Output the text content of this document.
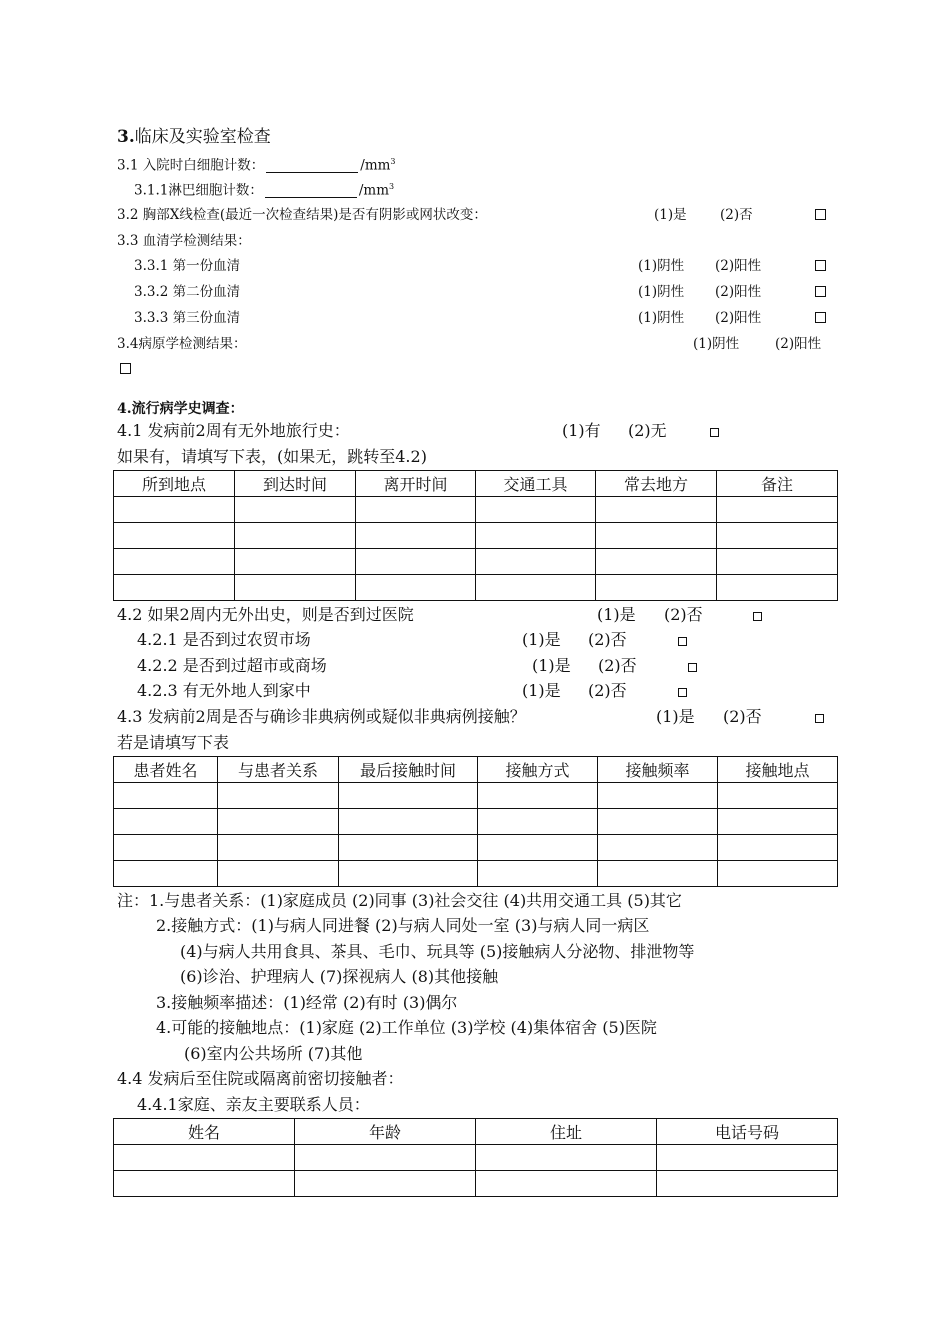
3.临床及实验室检查
3.1 入院时白细胞计数：	$/mm^3$
3.1.1淋巴细胞计数：	$/mm^3$
3.2 胸部X线检查(最近一次检查结果)是否有阴影或网状改变：	(1)是 (2)否
3.3 血清学检测结果：
3.3.1 第一份血清	(1)阴性 (2)阳性
3.3.2 第二份血清	(1)阴性 (2)阳性
3.3.3 第三份血清	(1)阴性 (2)阳性
3.4病原学检测结果：	(1)阴性	(2)阳性
4.流行病学史调查：
4.1 发病前2周有无外地旅行史：	(1)有 (2)无
如果有，请填写下表，(如果无，跳转至4.2)
所到地点	到达时间	离开时间	交通工具	常去地方	备注

4.2 如果2周内无外出史，则是否到过医院	(1)是 (2)否
4.2.1 是否到过农贸市场	(1)是 (2)否
4.2.2 是否到过超市或商场	(1)是 (2)否
4.2.3 有无外地人到家中	(1)是 (2)否
4.3 发病前2周是否与确诊非典病例或疑似非典病例接触？	(1)是 (2)否
若是请填写下表
患者姓名	与患者关系	最后接触时间	接触方式	接触频率	接触地点

注：1.与患者关系：(1)家庭成员 (2)同事 (3)社会交往 (4)共用交通工具 (5)其它
2.接触方式：(1)与病人同进餐 (2)与病人同处一室 (3)与病人同一病区
(4)与病人共用食具、茶具、毛巾、玩具等 (5)接触病人分泌物、排泄物等
(6)诊治、护理病人 (7)探视病人 (8)其他接触
3.接触频率描述：(1)经常 (2)有时 (3)偶尔
4.可能的接触地点：(1)家庭 (2)工作单位 (3)学校 (4)集体宿舍 (5)医院
(6)室内公共场所 (7)其他
4.4 发病后至住院或隔离前密切接触者：
4.4.1家庭、亲友主要联系人员：
姓名	年龄	住址	电话号码
